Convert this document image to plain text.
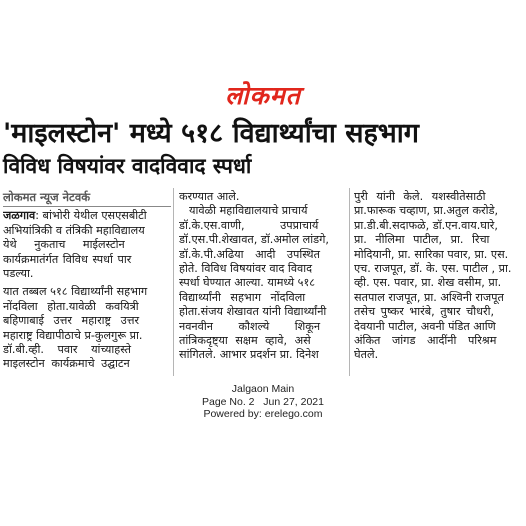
लोकमत
'माइलस्टोन' मध्ये ५१८ विद्यार्थ्यांचा सहभाग
विविध विषयांवर वादविवाद स्पर्धा
लोकमत न्यूज नेटवर्क
जळगाव: बांभोरी येथील एसएसबीटी
अभियांत्रिकी व तंत्रिकी महाविद्यालय
येथे नुकताच माईलस्टोन
कार्यक्रमातंर्गत विविध स्पर्धा पार
पडल्या.
यात तब्बल ५१८ विद्यार्थ्यांनी सहभाग
नोंदविला होता.यावेळी कवयित्री
बहिणाबाई उत्तर महाराष्ट्र उत्तर
महाराष्ट्र विद्यापीठाचे प्र-कुलगुरू प्रा.
डॉ.बी.व्ही. पवार यांच्याहस्ते
माइलस्टोन कार्यक्रमाचे उद्घाटन
करण्यात आले.
यावेळी महाविद्यालयाचे प्राचार्य
डॉ.के.एस.वाणी, उपप्राचार्य
डॉ.एस.पी.शेखावत, डॉ.अमोल लांडगे,
डॉ.के.पी.अढिया आदी उपस्थित
होते. विविध विषयांवर वाद विवाद
स्पर्धा घेण्यात आल्या. यामध्ये ५१८
विद्यार्थ्यांनी सहभाग नोंदविला
होता.संजय शेखावत यांनी विद्यार्थ्यांनी
नवनवीन कौशल्ये शिकून
तांत्रिकदृष्ट्या सक्षम व्हावे, असे
सांगितले. आभार प्रदर्शन प्रा. दिनेश
पुरी यांनी केले. यशस्वीतेसाठी
प्रा.फारूक चव्हाण, प्रा.अतुल करोडे,
प्रा.डी.बी.सदाफळे, डॉ.एन.वाय.घारे,
प्रा. नीलिमा पाटील, प्रा. रिचा
मोदियानी, प्रा. सारिका पवार, प्रा. एस.
एच. राजपूत, डॉ. के. एस. पाटील , प्रा.
व्ही. एस. पवार, प्रा. शेख वसीम, प्रा.
सतपाल राजपूत, प्रा. अश्विनी राजपूत
तसेच पुष्कर भारंबे, तुषार चौधरी,
देवयानी पाटील, अवनी पंडित आणि
अंकित जांगड आदींनी परिश्रम
घेतले.
Jalgaon Main
Page No. 2   Jun 27, 2021
Powered by: erelego.com
